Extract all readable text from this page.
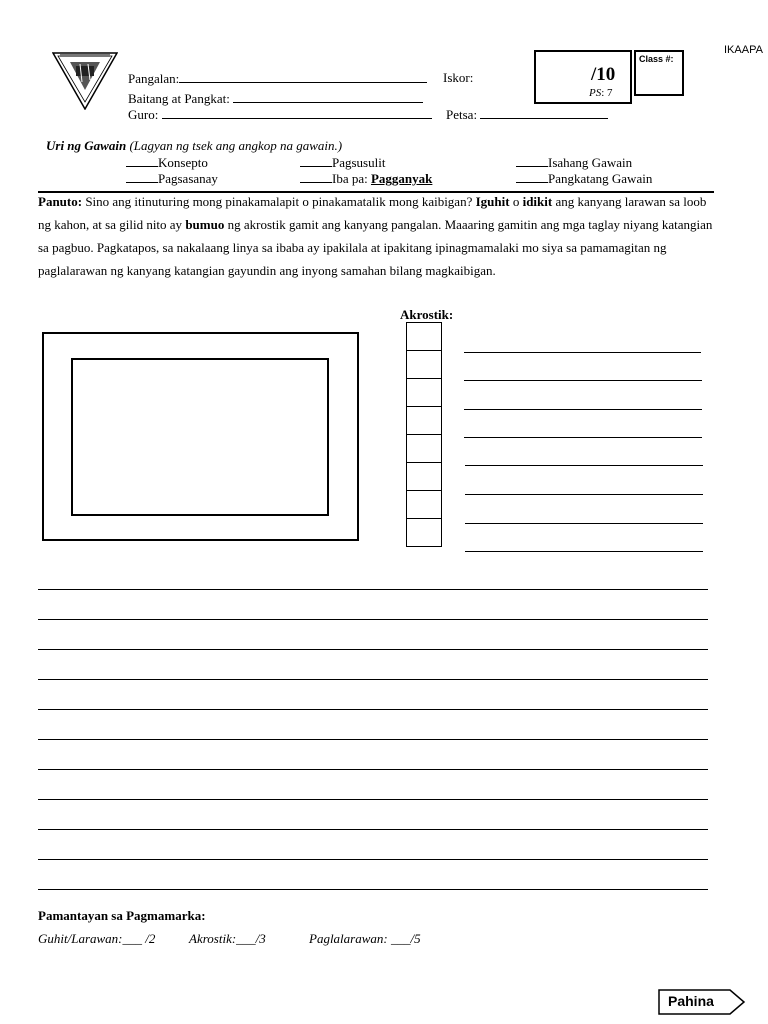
IKAAPA
Pangalan:	Iskor:
Baitang at Pangkat:
Guro:	Petsa:
/10
PS: 7
Class #:
Uri ng Gawain (Lagyan ng tsek ang angkop na gawain.)
Konsepto	Pagsusulit	Isahang Gawain
Pagsasanay	Iba pa: Pagganyak	Pangkatang Gawain
Panuto: Sino ang itinuturing mong pinakamalapit o pinakamatalik mong kaibigan? Iguhit o idikit ang kanyang larawan sa loob ng kahon, at sa gilid nito ay bumuo ng akrostik gamit ang kanyang pangalan. Maaaring gamitin ang mga taglay niyang katangian sa pagbuo. Pagkatapos, sa nakalaang linya sa ibaba ay ipakilala at ipakitang ipinagmamalaki mo siya sa pamamagitan ng paglalarawan ng kanyang katangian gayundin ang inyong samahan bilang magkaibigan.
Akrostik:
Pamantayan sa Pagmamarka:
Guhit/Larawan:___ /2	Akrostik:___/3	Paglalarawan: ___/5
Pahina
